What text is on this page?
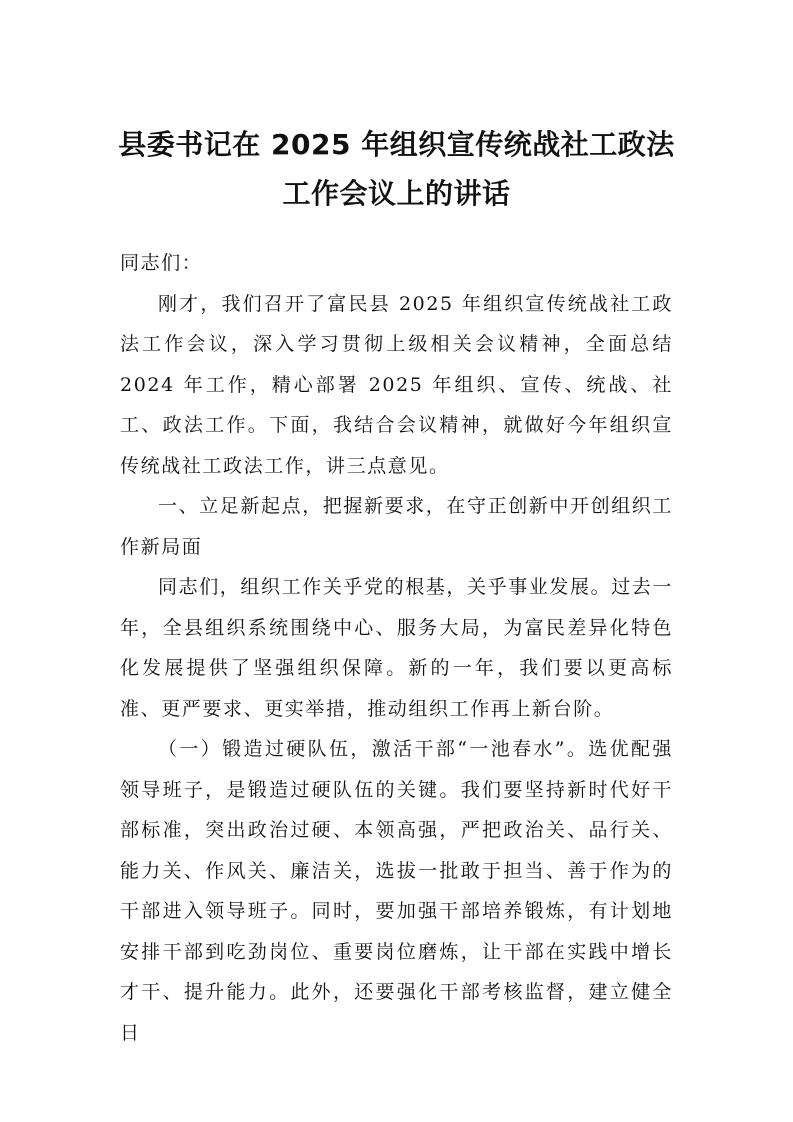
县委书记在 2025 年组织宣传统战社工政法
工作会议上的讲话

同志们：

刚才，我们召开了富民县 2025 年组织宣传统战社工政法工作会议，深入学习贯彻上级相关会议精神，全面总结 2024 年工作，精心部署 2025 年组织、宣传、统战、社工、政法工作。下面，我结合会议精神，就做好今年组织宣传统战社工政法工作，讲三点意见。

一、立足新起点，把握新要求，在守正创新中开创组织工作新局面

同志们，组织工作关乎党的根基，关乎事业发展。过去一年，全县组织系统围绕中心、服务大局，为富民差异化特色化发展提供了坚强组织保障。新的一年，我们要以更高标准、更严要求、更实举措，推动组织工作再上新台阶。

（一）锻造过硬队伍，激活干部“一池春水”。选优配强领导班子，是锻造过硬队伍的关键。我们要坚持新时代好干部标准，突出政治过硬、本领高强，严把政治关、品行关、能力关、作风关、廉洁关，选拔一批敢于担当、善于作为的干部进入领导班子。同时，要加强干部培养锻炼，有计划地安排干部到吃劲岗位、重要岗位磨炼，让干部在实践中增长才干、提升能力。此外，还要强化干部考核监督，建立健全日
